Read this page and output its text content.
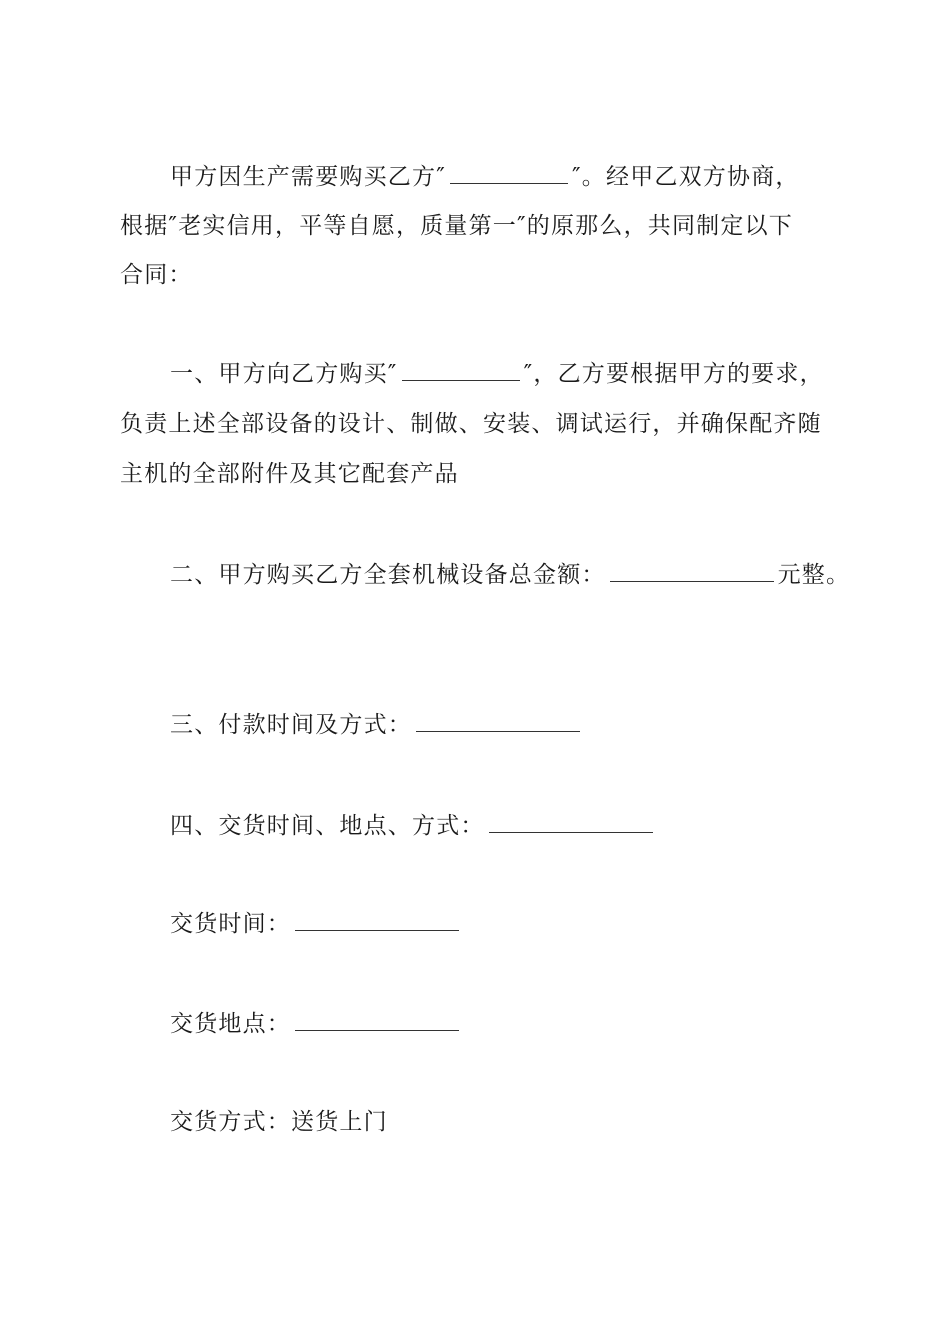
甲方因生产需要购买乙方″	″。经甲乙双方协商，
根据″老实信用，平等自愿，质量第一″的原那么，共同制定以下
合同：
一、甲方向乙方购买″	″，乙方要根据甲方的要求，
负责上述全部设备的设计、制做、安装、调试运行，并确保配齐随
主机的全部附件及其它配套产品
二、甲方购买乙方全套机械设备总金额：	元整。
三、付款时间及方式：
四、交货时间、地点、方式：
交货时间：
交货地点：
交货方式：送货上门
